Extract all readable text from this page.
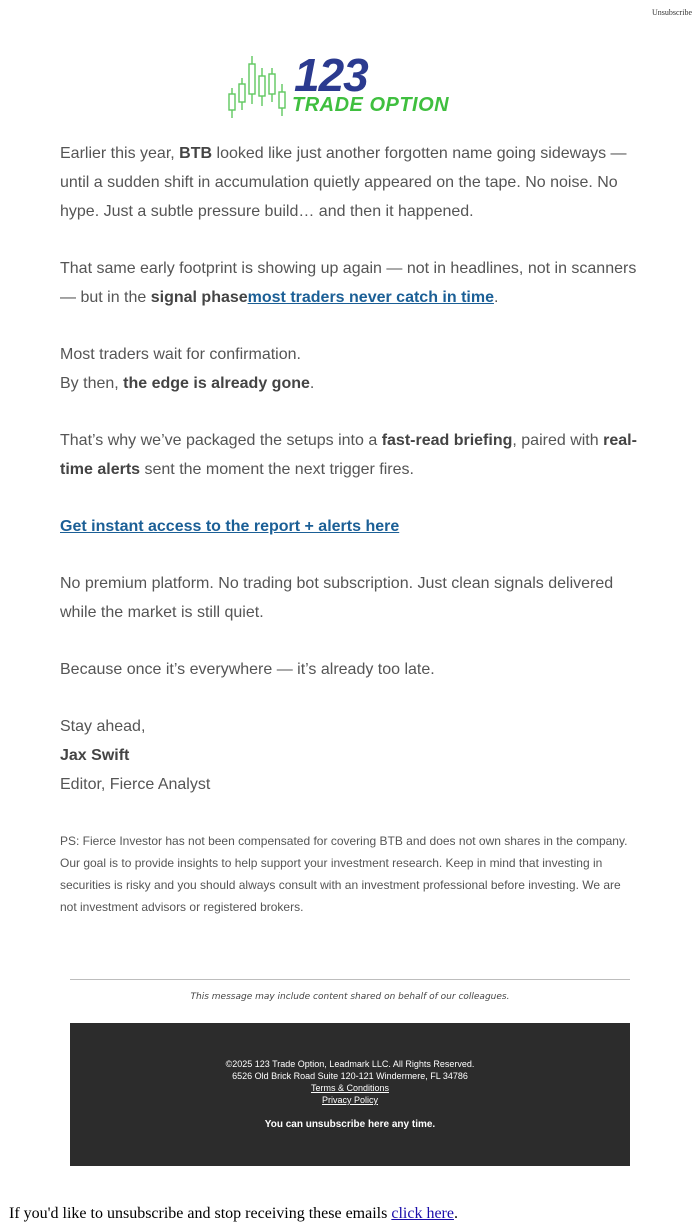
Unsubscribe
123
TRADE OPTION

Earlier this year, BTB looked like just another forgotten name going sideways — until a sudden shift in accumulation quietly appeared on the tape. No noise. No hype. Just a subtle pressure build… and then it happened.

That same early footprint is showing up again — not in headlines, not in scanners — but in the signal phasemost traders never catch in time.

Most traders wait for confirmation.
By then, the edge is already gone.

That’s why we’ve packaged the setups into a fast-read briefing, paired with real-time alerts sent the moment the next trigger fires.

Get instant access to the report + alerts here

No premium platform. No trading bot subscription. Just clean signals delivered while the market is still quiet.

Because once it’s everywhere — it’s already too late.

Stay ahead,

Jax Swift

Editor, Fierce Analyst

PS: Fierce Investor has not been compensated for covering BTB and does not own shares in the company. Our goal is to provide insights to help support your investment research. Keep in mind that investing in securities is risky and you should always consult with an investment professional before investing. We are not investment advisors or registered brokers.

This message may include content shared on behalf of our colleagues.
©2025 123 Trade Option, Leadmark LLC. All Rights Reserved.
6526 Old Brick Road Suite 120-121 Windermere, FL 34786
Terms & Conditions
Privacy Policy
You can unsubscribe here any time.
If you'd like to unsubscribe and stop receiving these emails click here.
